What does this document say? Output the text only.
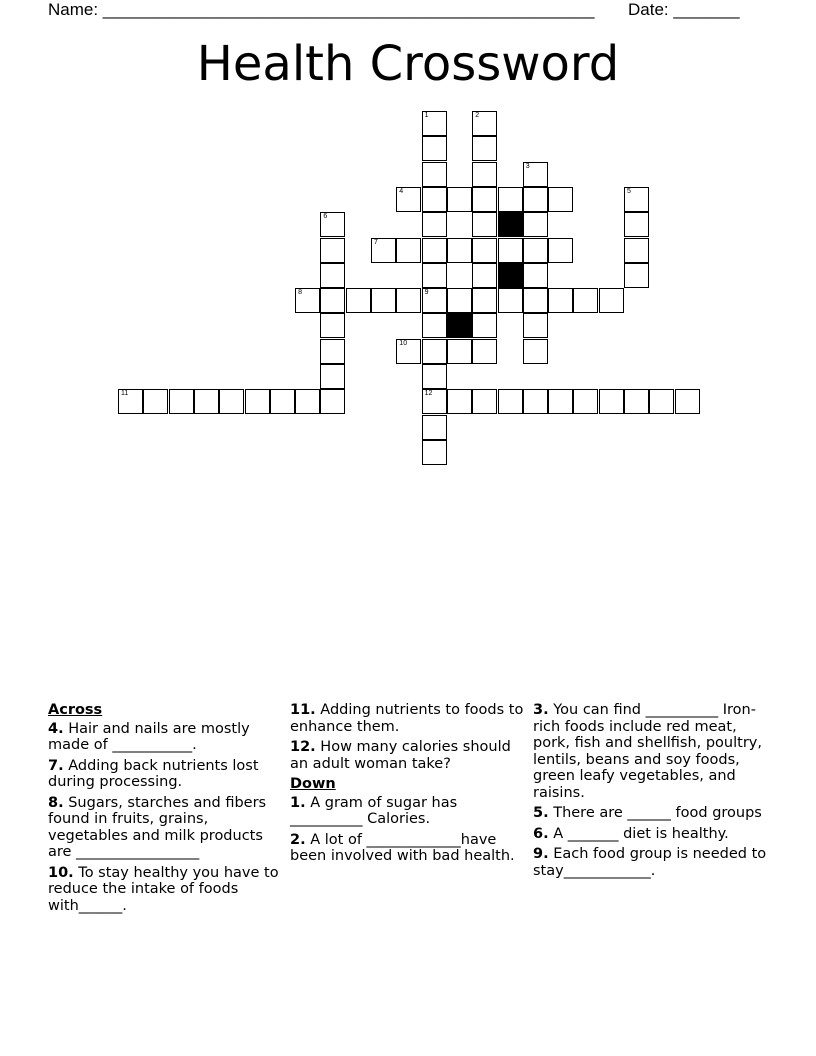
Name: ____________________________________________________ Date: _______
Health Crossword
4
7
8	9
10
11	12
1	2
3
5
6
Across
4. Hair and nails are mostly made of ___________.
7. Adding back nutrients lost during processing.
8. Sugars, starches and fibers found in fruits, grains, vegetables and milk products are _________________
10. To stay healthy you have to reduce the intake of foods with______.
11. Adding nutrients to foods to enhance them.
12. How many calories should an adult woman take?
Down
1. A gram of sugar has __________ Calories.
2. A lot of _____________have been involved with bad health.
3. You can find __________ Iron-rich foods include red meat, pork, fish and shellfish, poultry, lentils, beans and soy foods, green leafy vegetables, and raisins.
5. There are ______ food groups
6. A _______ diet is healthy.
9. Each food group is needed to stay____________.
